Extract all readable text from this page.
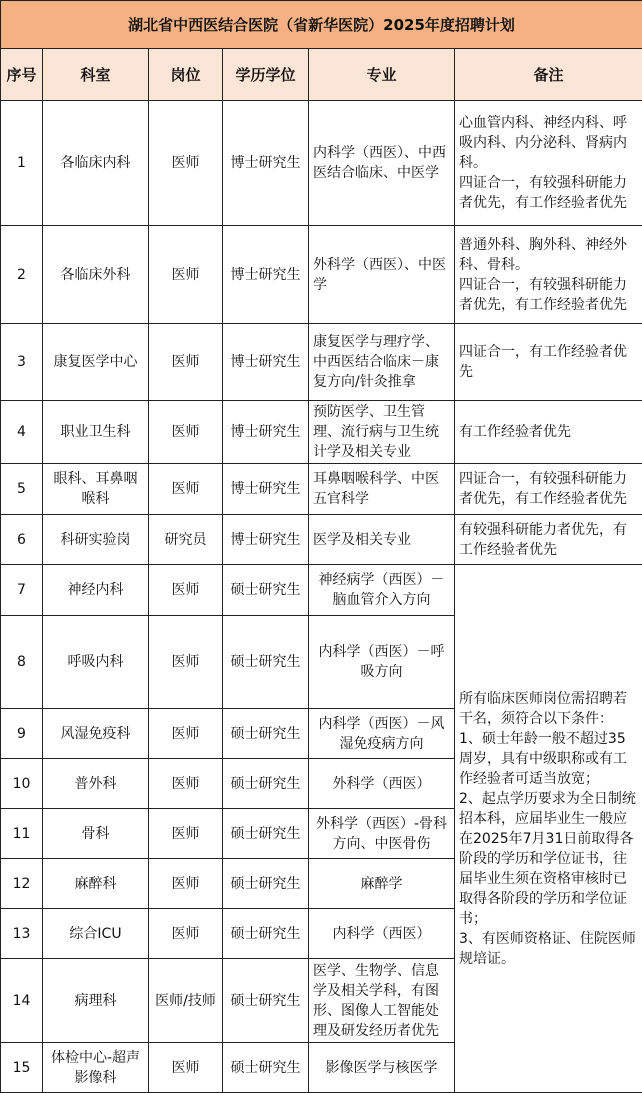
湖北省中西医结合医院（省新华医院）2025年度招聘计划					
序号	科室	岗位	学历学位	专业	备注
1	各临床内科	医师	博士研究生	内科学（西医）、中西医结合临床、中医学	心血管内科、神经内科、呼吸内科、内分泌科、肾病内科。
四证合一，有较强科研能力者优先，有工作经验者优先
2	各临床外科	医师	博士研究生	外科学（西医）、中医学	普通外科、胸外科、神经外科、骨科。
四证合一，有较强科研能力者优先，有工作经验者优先
3	康复医学中心	医师	博士研究生	康复医学与理疗学、中西医结合临床－康复方向/针灸推拿	四证合一，有工作经验者优先
4	职业卫生科	医师	博士研究生	预防医学、卫生管理、流行病与卫生统计学及相关专业	有工作经验者优先
5	眼科、耳鼻咽喉科	医师	博士研究生	耳鼻咽喉科学、中医五官科学	四证合一，有较强科研能力者优先，有工作经验者优先
6	科研实验岗	研究员	博士研究生	医学及相关专业	有较强科研能力者优先，有工作经验者优先
7	神经内科	医师	硕士研究生	神经病学（西医）－脑血管介入方向	所有临床医师岗位需招聘若干名，须符合以下条件：
1、硕士年龄一般不超过35周岁，具有中级职称或有工作经验者可适当放宽；
2、起点学历要求为全日制统招本科，应届毕业生一般应在2025年7月31日前取得各阶段的学历和学位证书，往届毕业生须在资格审核时已取得各阶段的学历和学位证书；
3、有医师资格证、住院医师规培证。
8	呼吸内科	医师	硕士研究生	内科学（西医）－呼吸方向	
9	风湿免疫科	医师	硕士研究生	内科学（西医）－风湿免疫病方向	
10	普外科	医师	硕士研究生	外科学（西医）	
11	骨科	医师	硕士研究生	外科学（西医）-骨科方向、中医骨伤	
12	麻醉科	医师	硕士研究生	麻醉学	
13	综合ICU	医师	硕士研究生	内科学（西医）	
14	病理科	医师/技师	硕士研究生	医学、生物学、信息学及相关学科，有图形、图像人工智能处理及研发经历者优先	
15	体检中心-超声影像科	医师	硕士研究生	影像医学与核医学	
